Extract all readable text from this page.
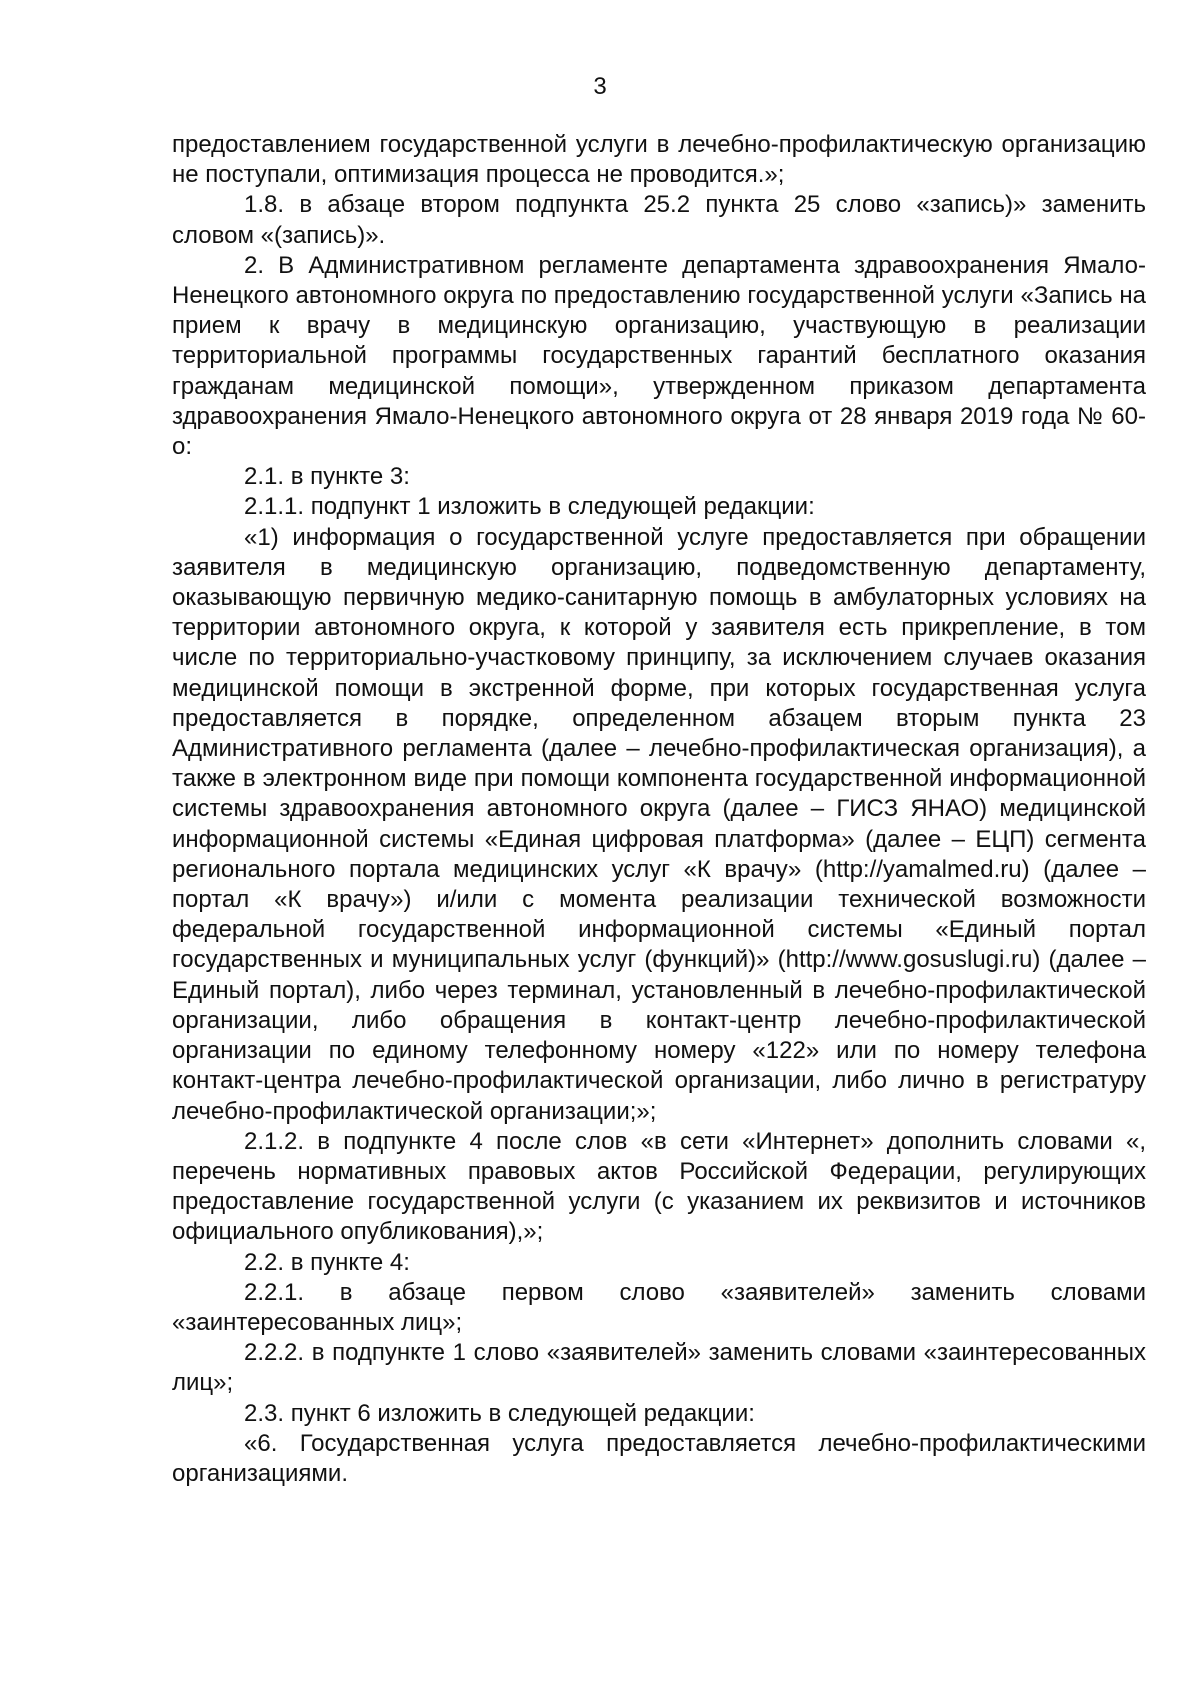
3

предоставлением государственной услуги в лечебно-профилактическую организацию не поступали, оптимизация процесса не проводится.»;

1.8. в абзаце втором подпункта 25.2 пункта 25 слово «запись)» заменить словом «(запись)».

2. В Административном регламенте департамента здравоохранения Ямало-Ненецкого автономного округа по предоставлению государственной услуги «Запись на прием к врачу в медицинскую организацию, участвующую в реализации территориальной программы государственных гарантий бесплатного оказания гражданам медицинской помощи», утвержденном приказом департамента здравоохранения Ямало-Ненецкого автономного округа от 28 января 2019 года № 60-о:

2.1. в пункте 3:

2.1.1. подпункт 1 изложить в следующей редакции:

«1) информация о государственной услуге предоставляется при обращении заявителя в медицинскую организацию, подведомственную департаменту, оказывающую первичную медико-санитарную помощь в амбулаторных условиях на территории автономного округа, к которой у заявителя есть прикрепление, в том числе по территориально-участковому принципу, за исключением случаев оказания медицинской помощи в экстренной форме, при которых государственная услуга предоставляется в порядке, определенном абзацем вторым пункта 23 Административного регламента (далее – лечебно-профилактическая организация), а также в электронном виде при помощи компонента государственной информационной системы здравоохранения автономного округа (далее – ГИСЗ ЯНАО) медицинской информационной системы «Единая цифровая платформа» (далее – ЕЦП) сегмента регионального портала медицинских услуг «К врачу» (http://yamalmed.ru) (далее – портал «К врачу») и/или с момента реализации технической возможности федеральной государственной информационной системы «Единый портал государственных и муниципальных услуг (функций)» (http://www.gosuslugi.ru) (далее – Единый портал), либо через терминал, установленный в лечебно-профилактической организации, либо обращения в контакт-центр лечебно-профилактической организации по единому телефонному номеру «122» или по номеру телефона контакт-центра лечебно-профилактической организации, либо лично в регистратуру лечебно-профилактической организации;»;

2.1.2. в подпункте 4 после слов «в сети «Интернет» дополнить словами «, перечень нормативных правовых актов Российской Федерации, регулирующих предоставление государственной услуги (с указанием их реквизитов и источников официального опубликования),»;

2.2. в пункте 4:

2.2.1. в абзаце первом слово «заявителей» заменить словами «заинтересованных лиц»;

2.2.2. в подпункте 1 слово «заявителей» заменить словами «заинтересованных лиц»;

2.3. пункт 6 изложить в следующей редакции:

«6. Государственная услуга предоставляется лечебно-профилактическими организациями.
